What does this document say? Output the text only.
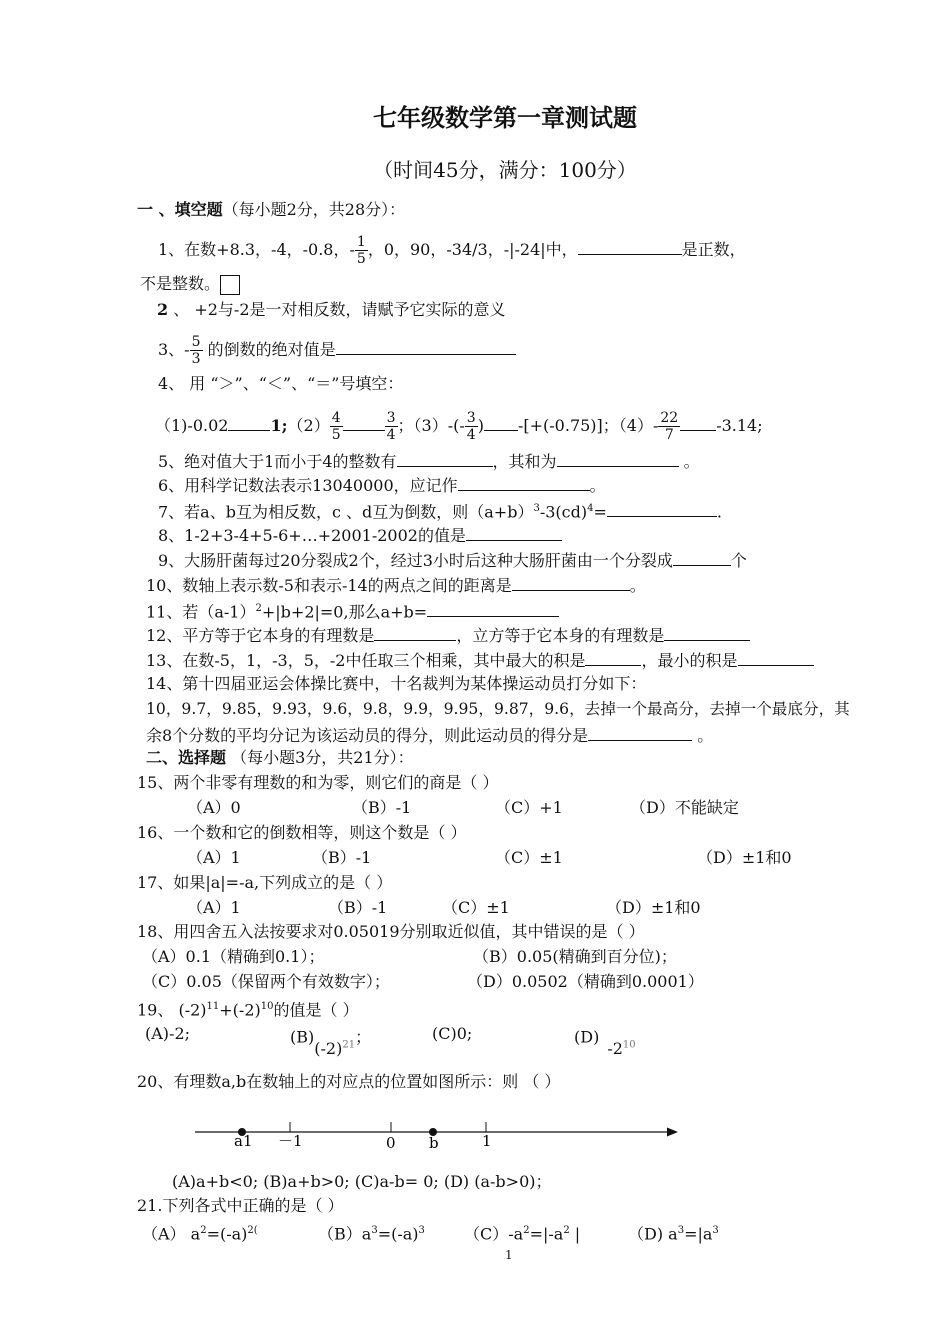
七年级数学第一章测试题
（时间45分，满分：100分）
一 、填空题（每小题2分，共28分）：
1、在数+8.3，-4，-0.8，- $\frac{1}{5}$ ，0，90，-34/3，-|-24|中，	是正数，
不是整数。
2 、 +2与-2是一对相反数，请赋予它实际的意义
3、- $\frac{5}{3}$ 的倒数的绝对值是
4、 用 “＞”、“＜”、“＝”号填空：
（1)-0.02	1;（2） $\frac{4}{5}$	$\frac{3}{4}$ ；$(3)-(- \frac{3}{4}$ ) -[+(-0.75)]；$(4)- \frac{22}{7} -3.14$;
5、绝对值大于1而小于4的整数有	，其和为	。
6、用科学记数法表示13040000，应记作	。
7、若a、b互为相反数，c 、d互为倒数，则$(a+b)^3-3(cd)^4=$	.
8、1-2+3-4+5-6+…+2001-2002的值是
9、大肠肝菌每过20分裂成2个，经过3小时后这种大肠肝菌由一个分裂成	个
10、数轴上表示数-5和表示-14的两点之间的距离是	。
11、若$(a-1)^2+|b+2|=0$,那么a+b=
12、平方等于它本身的有理数是	，立方等于它本身的有理数是
13、在数-5，1，-3，5，-2中任取三个相乘，其中最大的积是	，最小的积是
14、第十四届亚运会体操比赛中，十名裁判为某体操运动员打分如下：
10，9.7，9.85，9.93，9.6，9.8，9.9，9.95，9.87，9.6，去掉一个最高分，去掉一个最底分，其
余8个分数的平均分记为该运动员的得分，则此运动员的得分是	。
二、选择题 （每小题3分，共21分）：
15、两个非零有理数的和为零，则它们的商是（ ）
（A）0	（B）-1	（C）+1	（D）不能缺定
16、一个数和它的倒数相等，则这个数是（ ）
（A）1	（B）-1	（C）±1	（D）±1和0
17、如果|a|=-a,下列成立的是（ ）
（A）1	（B）-1	（C）±1	（D）±1和0
18、用四舍五入法按要求对0.05019分别取近似值，其中错误的是（ ）
（A）0.1（精确到0.1）；	（B）0.05(精确到百分位)；
（C）0.05（保留两个有效数字）；	（D）0.0502（精确到0.0001）
19、 $(-2)^{11}+(-2)^{10}$的值是（ ）
(A)-2;	$(B)(-2)^{21}$；	(C)0;	$(D)-2^{10}$
20、有理数a,b在数轴上的对应点的位置如图所示：则 （ ）
a1 －1	0 b	1
(A)a+b<0; (B)a+b>0; (C)a-b= 0; (D) (a-b>0)；
21.下列各式中正确的是（ ）
（A） $a^2=(-a)^{2(}$	$(B)a^3=(-a)^3$ $(C)-a^2=|-a^2$ |	（D) $a^3=|a^3$
1
